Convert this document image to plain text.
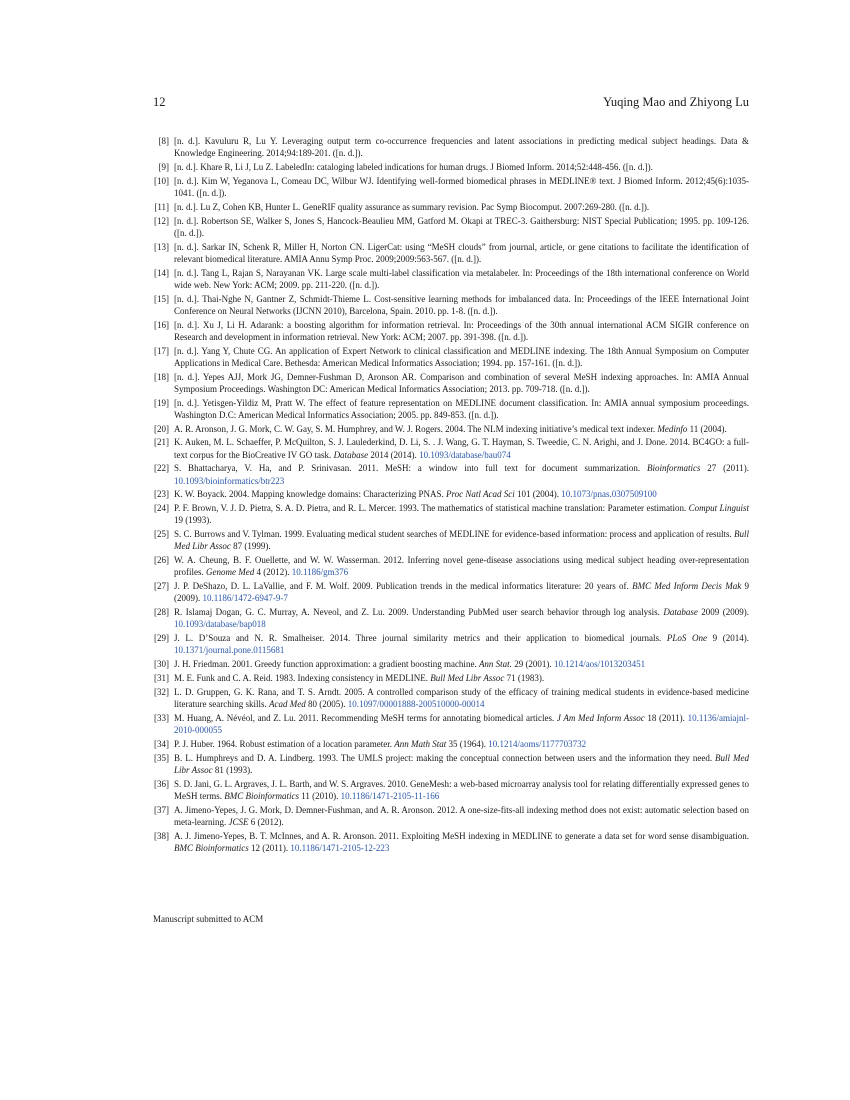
12	Yuqing Mao and Zhiyong Lu
[8] [n. d.]. Kavuluru R, Lu Y. Leveraging output term co-occurrence frequencies and latent associations in predicting medical subject headings. Data & Knowledge Engineering. 2014;94:189-201. ([n. d.]).
[9] [n. d.]. Khare R, Li J, Lu Z. LabeledIn: cataloging labeled indications for human drugs. J Biomed Inform. 2014;52:448-456. ([n. d.]).
[10] [n. d.]. Kim W, Yeganova L, Comeau DC, Wilbur WJ. Identifying well-formed biomedical phrases in MEDLINE® text. J Biomed Inform. 2012;45(6):1035-1041. ([n. d.]).
[11] [n. d.]. Lu Z, Cohen KB, Hunter L. GeneRIF quality assurance as summary revision. Pac Symp Biocomput. 2007:269-280. ([n. d.]).
[12] [n. d.]. Robertson SE, Walker S, Jones S, Hancock-Beaulieu MM, Gatford M. Okapi at TREC-3. Gaithersburg: NIST Special Publication; 1995. pp. 109-126. ([n. d.]).
[13] [n. d.]. Sarkar IN, Schenk R, Miller H, Norton CN. LigerCat: using “MeSH clouds” from journal, article, or gene citations to facilitate the identification of relevant biomedical literature. AMIA Annu Symp Proc. 2009;2009:563-567. ([n. d.]).
[14] [n. d.]. Tang L, Rajan S, Narayanan VK. Large scale multi-label classification via metalabeler. In: Proceedings of the 18th international conference on World wide web. New York: ACM; 2009. pp. 211-220. ([n. d.]).
[15] [n. d.]. Thai-Nghe N, Gantner Z, Schmidt-Thieme L. Cost-sensitive learning methods for imbalanced data. In: Proceedings of the IEEE International Joint Conference on Neural Networks (IJCNN 2010), Barcelona, Spain. 2010. pp. 1-8. ([n. d.]).
[16] [n. d.]. Xu J, Li H. Adarank: a boosting algorithm for information retrieval. In: Proceedings of the 30th annual international ACM SIGIR conference on Research and development in information retrieval. New York: ACM; 2007. pp. 391-398. ([n. d.]).
[17] [n. d.]. Yang Y, Chute CG. An application of Expert Network to clinical classification and MEDLINE indexing. The 18th Annual Symposium on Computer Applications in Medical Care. Bethesda: American Medical Informatics Association; 1994. pp. 157-161. ([n. d.]).
[18] [n. d.]. Yepes AJJ, Mork JG, Demner-Fushman D, Aronson AR. Comparison and combination of several MeSH indexing approaches. In: AMIA Annual Symposium Proceedings. Washington DC: American Medical Informatics Association; 2013. pp. 709-718. ([n. d.]).
[19] [n. d.]. Yetisgen-Yildiz M, Pratt W. The effect of feature representation on MEDLINE document classification. In: AMIA annual symposium proceedings. Washington D.C: American Medical Informatics Association; 2005. pp. 849-853. ([n. d.]).
[20] A. R. Aronson, J. G. Mork, C. W. Gay, S. M. Humphrey, and W. J. Rogers. 2004. The NLM indexing initiative’s medical text indexer. Medinfo 11 (2004).
[21] K. Auken, M. L. Schaeffer, P. McQuilton, S. J. Laulederkind, D. Li, S. . J. Wang, G. T. Hayman, S. Tweedie, C. N. Arighi, and J. Done. 2014. BC4GO: a full-text corpus for the BioCreative IV GO task. Database 2014 (2014). 10.1093/database/bau074
[22] S. Bhattacharya, V. Ha, and P. Srinivasan. 2011. MeSH: a window into full text for document summarization. Bioinformatics 27 (2011). 10.1093/bioinformatics/btr223
[23] K. W. Boyack. 2004. Mapping knowledge domains: Characterizing PNAS. Proc Natl Acad Sci 101 (2004). 10.1073/pnas.0307509100
[24] P. F. Brown, V. J. D. Pietra, S. A. D. Pietra, and R. L. Mercer. 1993. The mathematics of statistical machine translation: Parameter estimation. Comput Linguist 19 (1993).
[25] S. C. Burrows and V. Tylman. 1999. Evaluating medical student searches of MEDLINE for evidence-based information: process and application of results. Bull Med Libr Assoc 87 (1999).
[26] W. A. Cheung, B. F. Ouellette, and W. W. Wasserman. 2012. Inferring novel gene-disease associations using medical subject heading over-representation profiles. Genome Med 4 (2012). 10.1186/gm376
[27] J. P. DeShazo, D. L. LaVallie, and F. M. Wolf. 2009. Publication trends in the medical informatics literature: 20 years of. BMC Med Inform Decis Mak 9 (2009). 10.1186/1472-6947-9-7
[28] R. Islamaj Dogan, G. C. Murray, A. Neveol, and Z. Lu. 2009. Understanding PubMed user search behavior through log analysis. Database 2009 (2009). 10.1093/database/bap018
[29] J. L. D’Souza and N. R. Smalheiser. 2014. Three journal similarity metrics and their application to biomedical journals. PLoS One 9 (2014). 10.1371/journal.pone.0115681
[30] J. H. Friedman. 2001. Greedy function approximation: a gradient boosting machine. Ann Stat. 29 (2001). 10.1214/aos/1013203451
[31] M. E. Funk and C. A. Reid. 1983. Indexing consistency in MEDLINE. Bull Med Libr Assoc 71 (1983).
[32] L. D. Gruppen, G. K. Rana, and T. S. Arndt. 2005. A controlled comparison study of the efficacy of training medical students in evidence-based medicine literature searching skills. Acad Med 80 (2005). 10.1097/00001888-200510000-00014
[33] M. Huang, A. Névéol, and Z. Lu. 2011. Recommending MeSH terms for annotating biomedical articles. J Am Med Inform Assoc 18 (2011). 10.1136/amiajnl-2010-000055
[34] P. J. Huber. 1964. Robust estimation of a location parameter. Ann Math Stat 35 (1964). 10.1214/aoms/1177703732
[35] B. L. Humphreys and D. A. Lindberg. 1993. The UMLS project: making the conceptual connection between users and the information they need. Bull Med Libr Assoc 81 (1993).
[36] S. D. Jani, G. L. Argraves, J. L. Barth, and W. S. Argraves. 2010. GeneMesh: a web-based microarray analysis tool for relating differentially expressed genes to MeSH terms. BMC Bioinformatics 11 (2010). 10.1186/1471-2105-11-166
[37] A. Jimeno-Yepes, J. G. Mork, D. Demner-Fushman, and A. R. Aronson. 2012. A one-size-fits-all indexing method does not exist: automatic selection based on meta-learning. JCSE 6 (2012).
[38] A. J. Jimeno-Yepes, B. T. McInnes, and A. R. Aronson. 2011. Exploiting MeSH indexing in MEDLINE to generate a data set for word sense disambiguation. BMC Bioinformatics 12 (2011). 10.1186/1471-2105-12-223
Manuscript submitted to ACM
